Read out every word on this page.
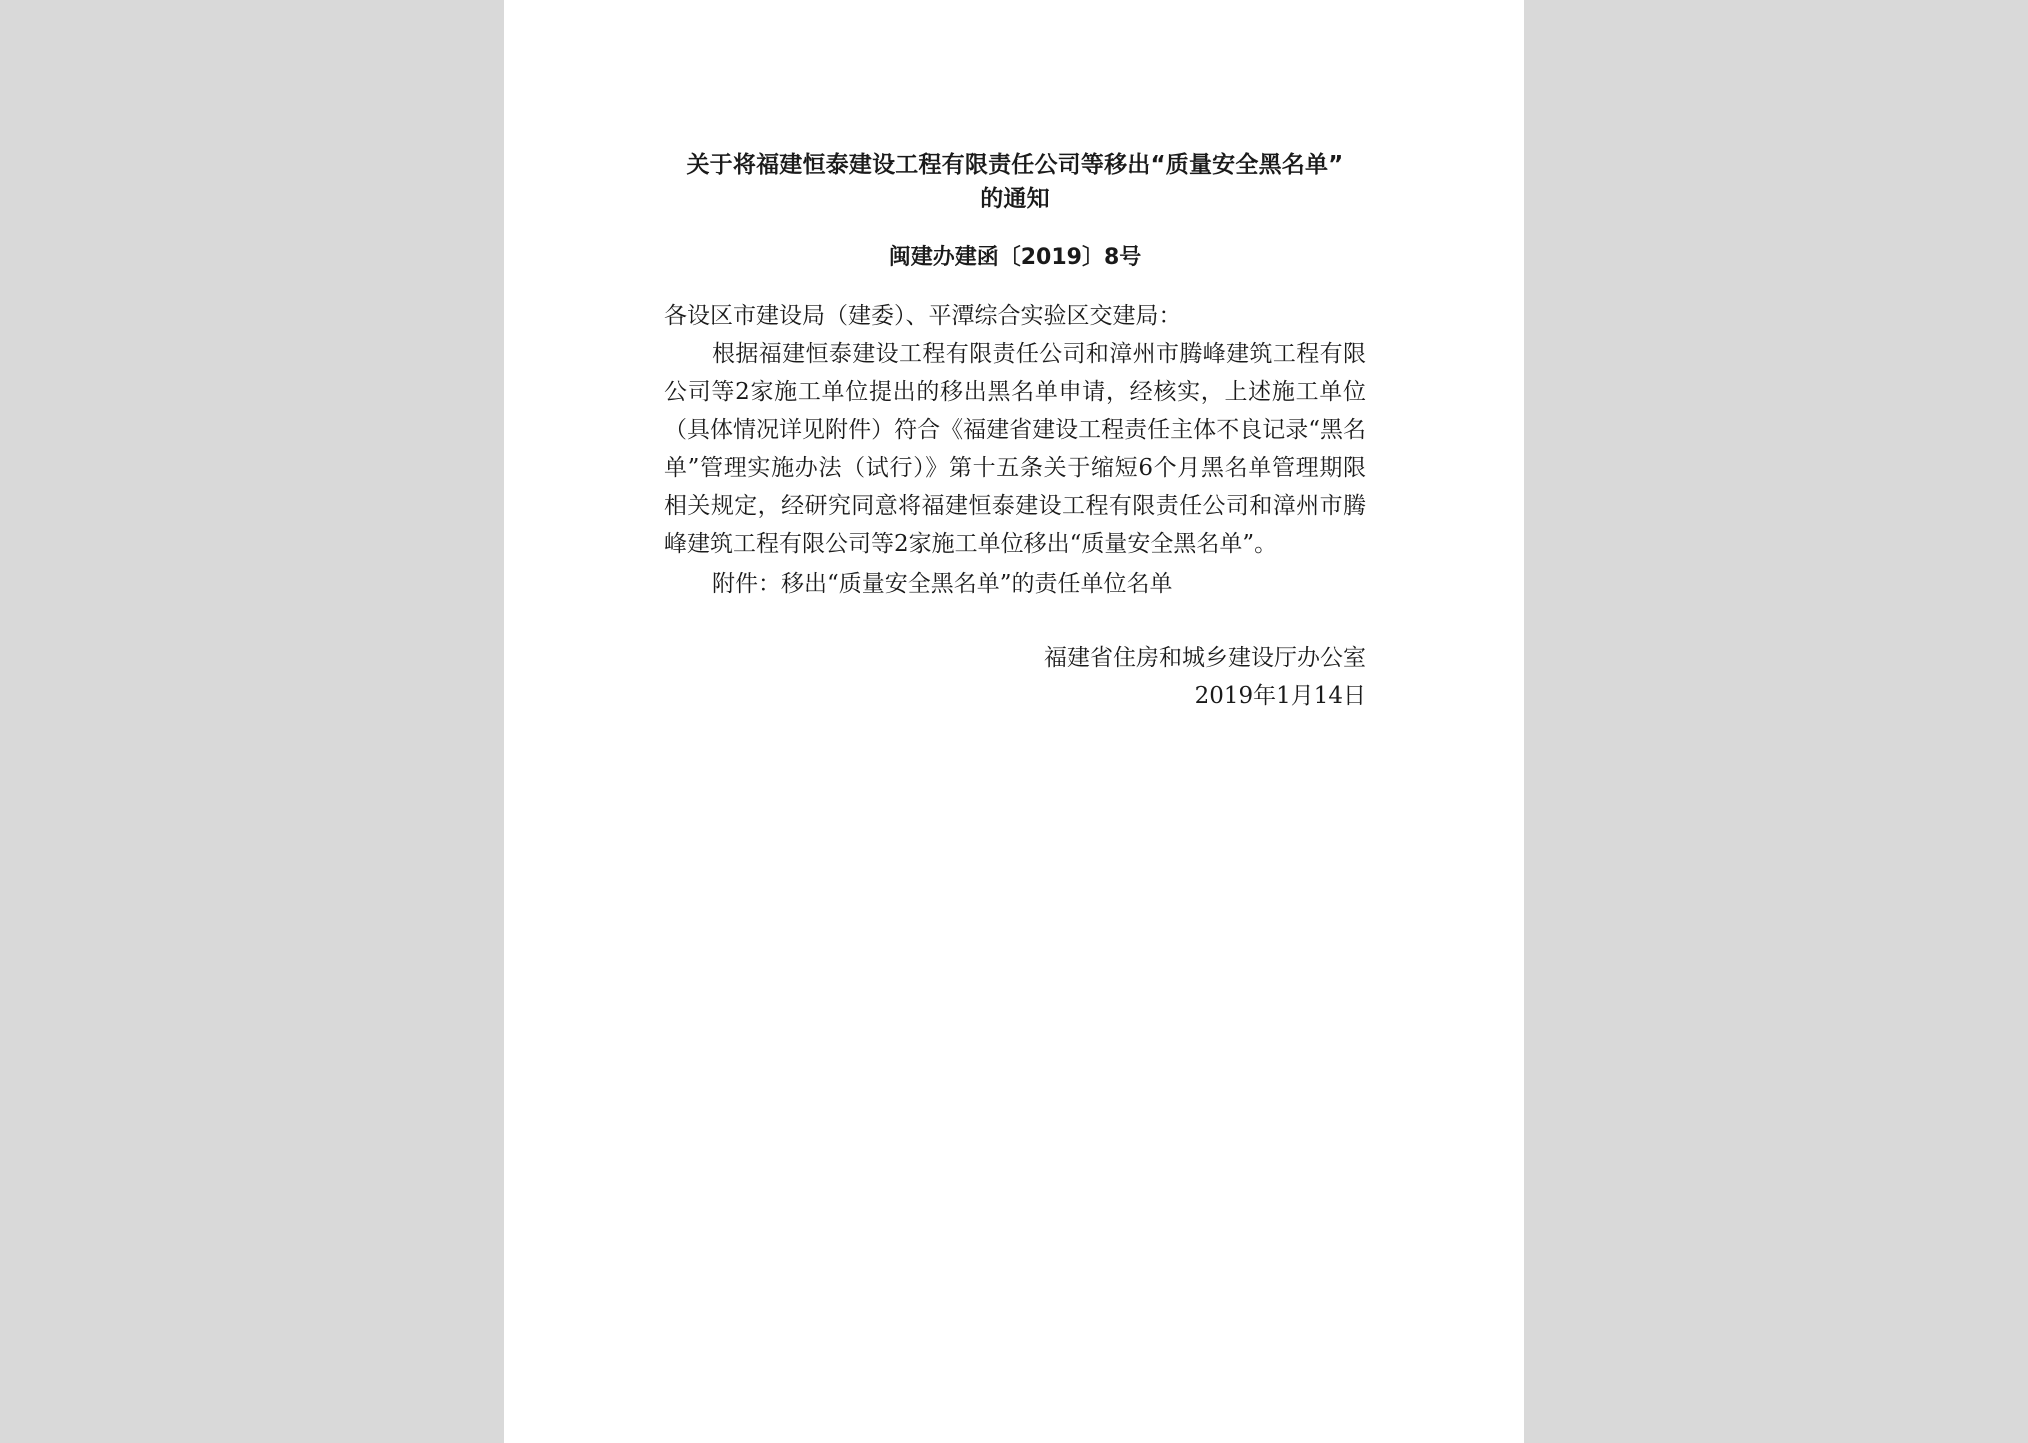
关于将福建恒泰建设工程有限责任公司等移出“质量安全黑名单”
的通知
闽建办建函〔2019〕8号

各设区市建设局（建委）、平潭综合实验区交建局：

根据福建恒泰建设工程有限责任公司和漳州市腾峰建筑工程有限公司等2家施工单位提出的移出黑名单申请，经核实，上述施工单位（具体情况详见附件）符合《福建省建设工程责任主体不良记录“黑名单”管理实施办法（试行）》第十五条关于缩短6个月黑名单管理期限相关规定，经研究同意将福建恒泰建设工程有限责任公司和漳州市腾峰建筑工程有限公司等2家施工单位移出“质量安全黑名单”。

附件：移出“质量安全黑名单”的责任单位名单

福建省住房和城乡建设厅办公室
2019年1月14日
